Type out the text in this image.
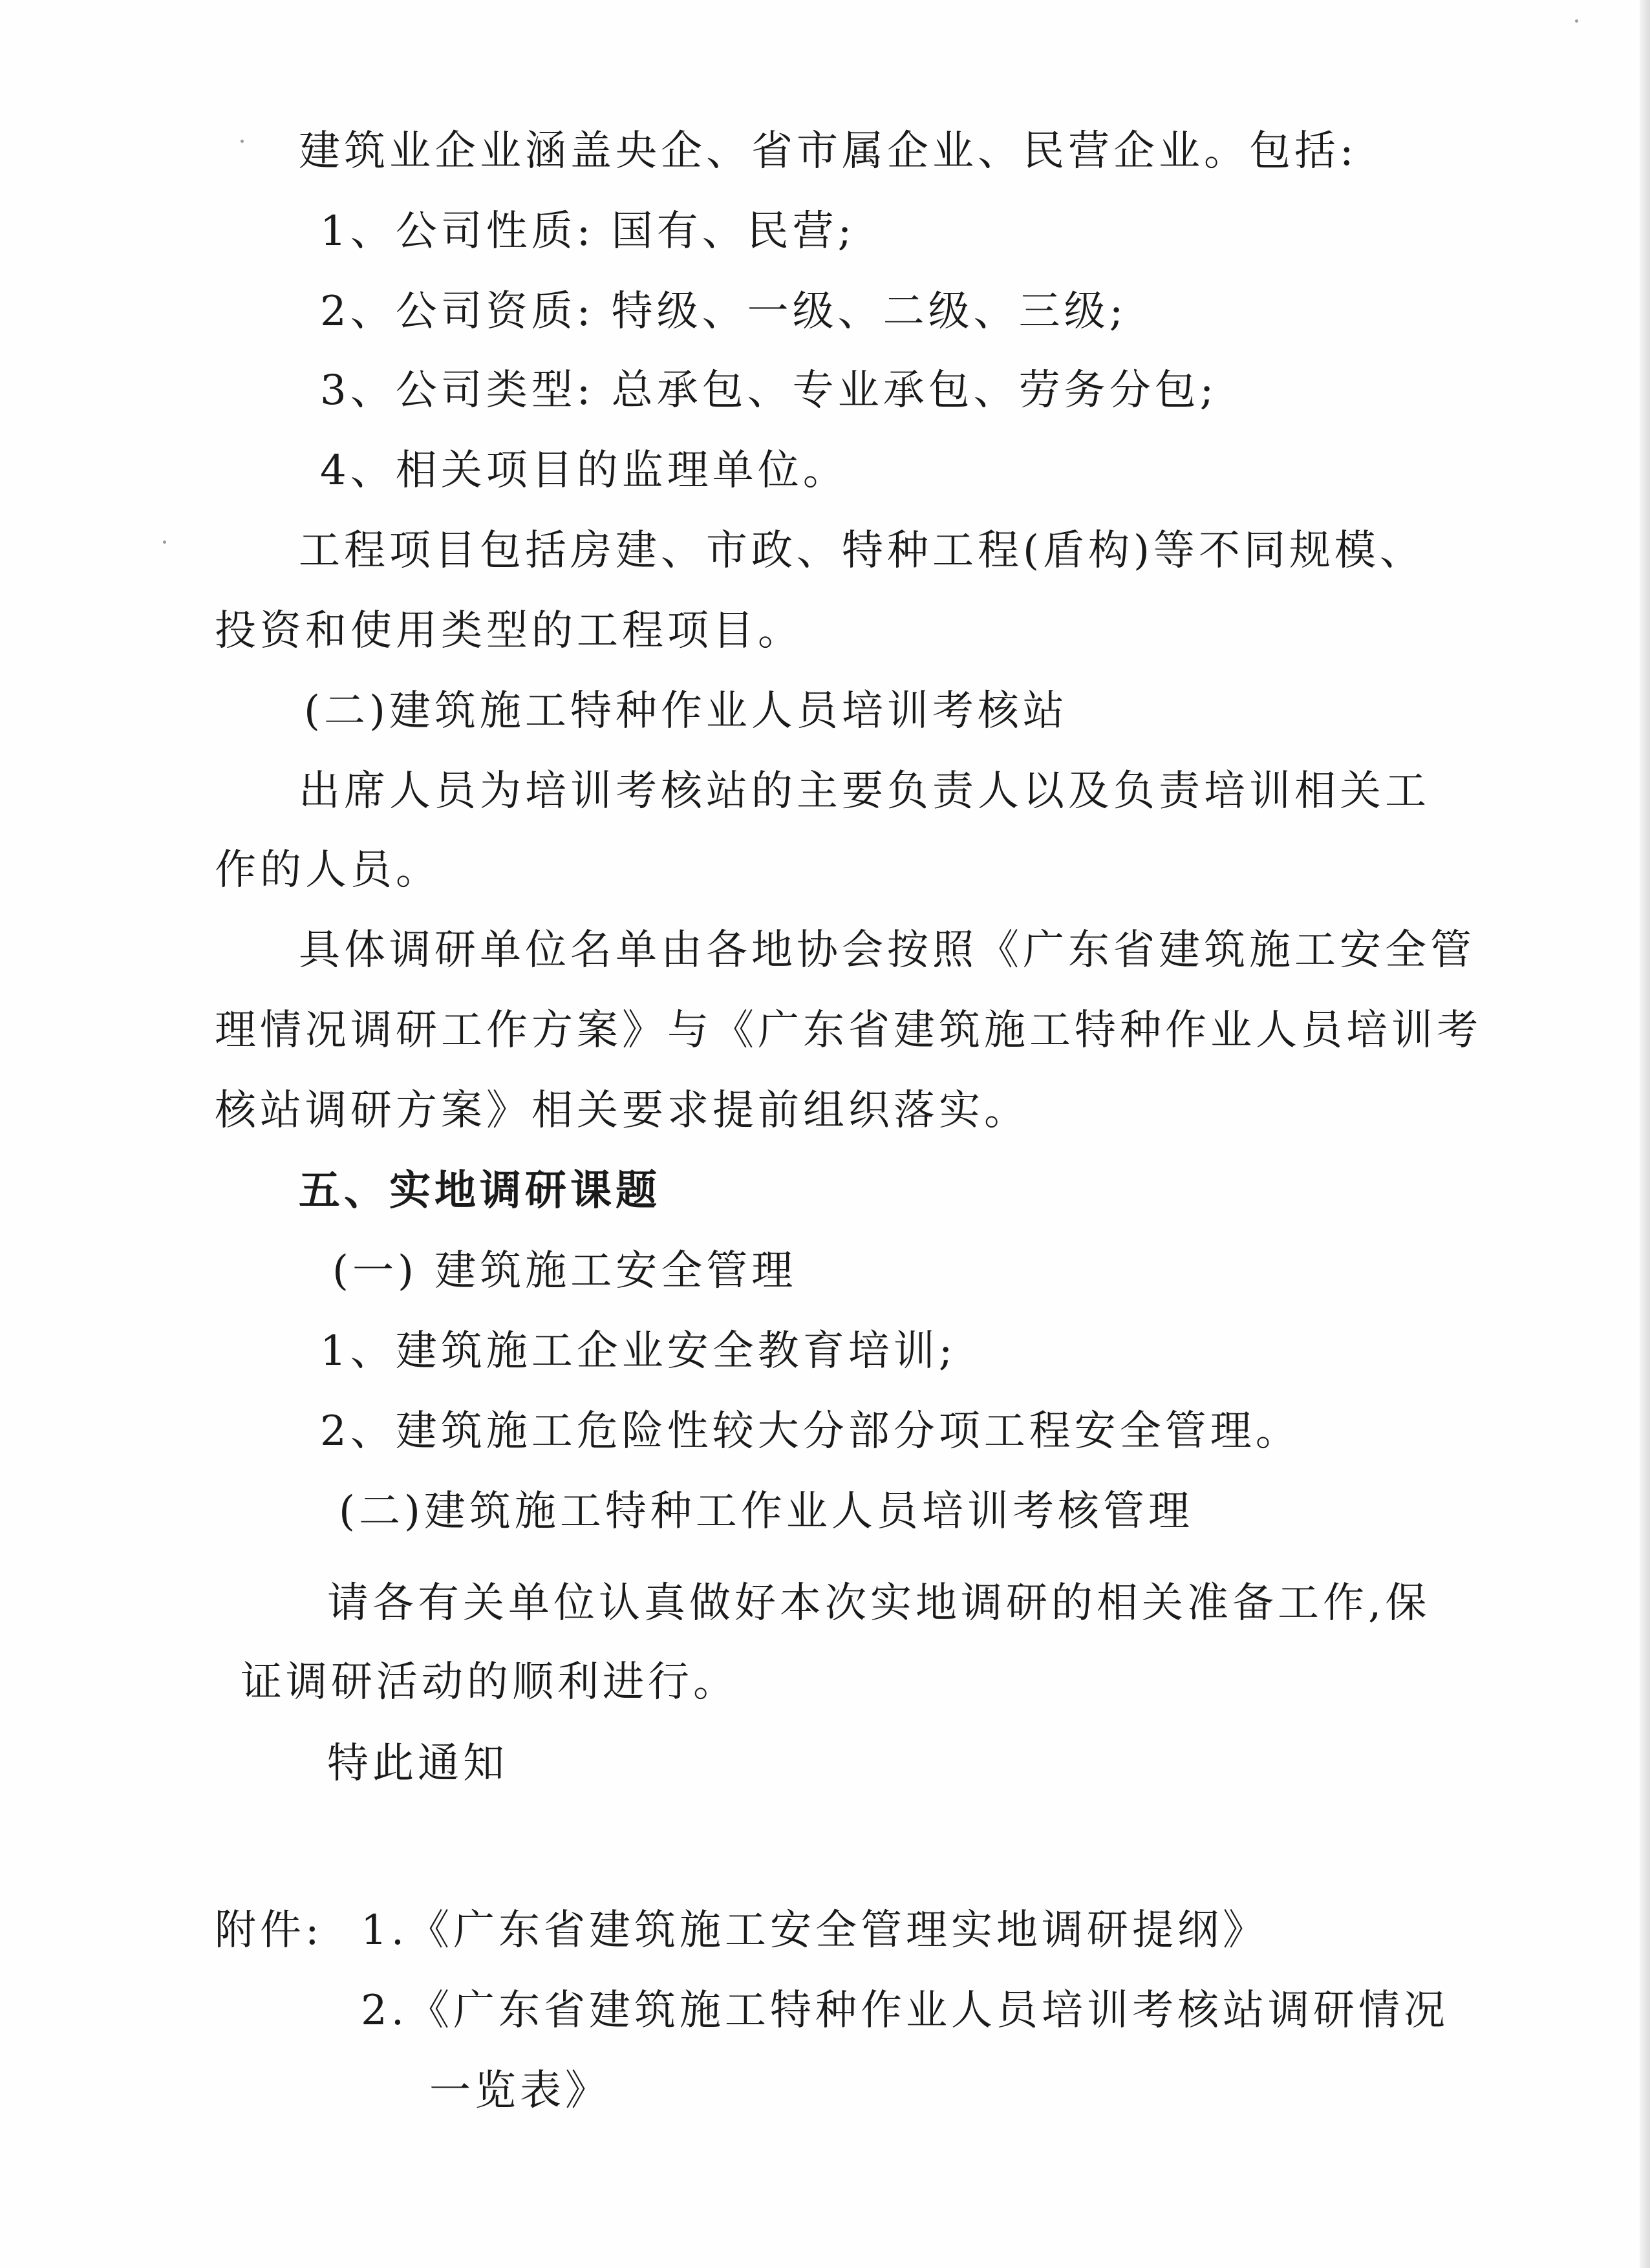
建筑业企业涵盖央企、省市属企业、民营企业。包括:
1、公司性质: 国有、民营;
2、公司资质: 特级、一级、二级、三级;
3、公司类型: 总承包、专业承包、劳务分包;
4、相关项目的监理单位。
工程项目包括房建、市政、特种工程(盾构)等不同规模、
投资和使用类型的工程项目。
(二)建筑施工特种作业人员培训考核站
出席人员为培训考核站的主要负责人以及负责培训相关工
作的人员。
具体调研单位名单由各地协会按照《广东省建筑施工安全管
理情况调研工作方案》与《广东省建筑施工特种作业人员培训考
核站调研方案》相关要求提前组织落实。
五、实地调研课题
(一) 建筑施工安全管理
1、建筑施工企业安全教育培训;
2、建筑施工危险性较大分部分项工程安全管理。
(二)建筑施工特种工作业人员培训考核管理
请各有关单位认真做好本次实地调研的相关准备工作,保
证调研活动的顺利进行。
特此通知
附件: 1.《广东省建筑施工安全管理实地调研提纲》
2.《广东省建筑施工特种作业人员培训考核站调研情况
一览表》
